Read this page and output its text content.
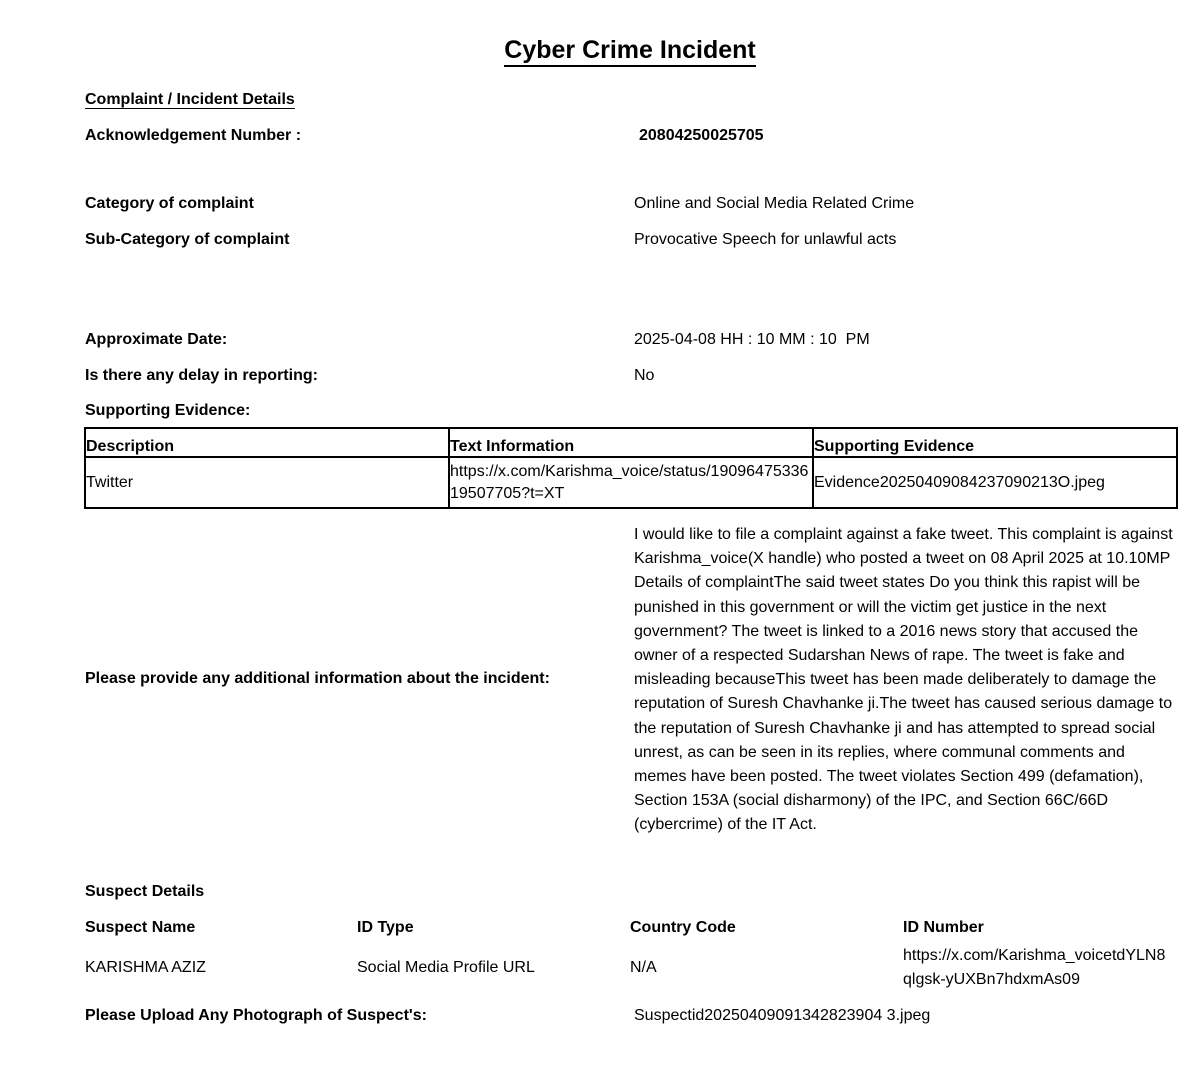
Cyber Crime Incident
Complaint / Incident Details
Acknowledgement Number :	20804250025705
Category of complaint	Online and Social Media Related Crime
Sub-Category of complaint	Provocative Speech for unlawful acts
Approximate Date:	2025-04-08 HH : 10 MM : 10  PM
Is there any delay in reporting:	No
Supporting Evidence:
Description	Text Information	Supporting Evidence
Twitter	https://x.com/Karishma_voice/status/1909647533619507705?t=XT	Evidence20250409084237090213O.jpeg
I would like to file a complaint against a fake tweet. This complaint is against Karishma_voice(X handle) who posted a tweet on 08 April 2025 at 10.10MP Details of complaintThe said tweet states Do you think this rapist will be punished in this government or will the victim get justice in the next government? The tweet is linked to a 2016 news story that accused the owner of a respected Sudarshan News of rape. The tweet is fake and misleading becauseThis tweet has been made deliberately to damage the reputation of Suresh Chavhanke ji.The tweet has caused serious damage to the reputation of Suresh Chavhanke ji and has attempted to spread social unrest, as can be seen in its replies, where communal comments and memes have been posted. The tweet violates Section 499 (defamation), Section 153A (social disharmony) of the IPC, and Section 66C/66D (cybercrime) of the IT Act.
Please provide any additional information about the incident:
Suspect Details
Suspect Name	ID Type	Country Code	ID Number
KARISHMA AZIZ	Social Media Profile URL	N/A
https://x.com/Karishma_voicetdYLN8
qlgsk-yUXBn7hdxmAs09
Please Upload Any Photograph of Suspect's:	Suspectid20250409091342823904 3.jpeg
